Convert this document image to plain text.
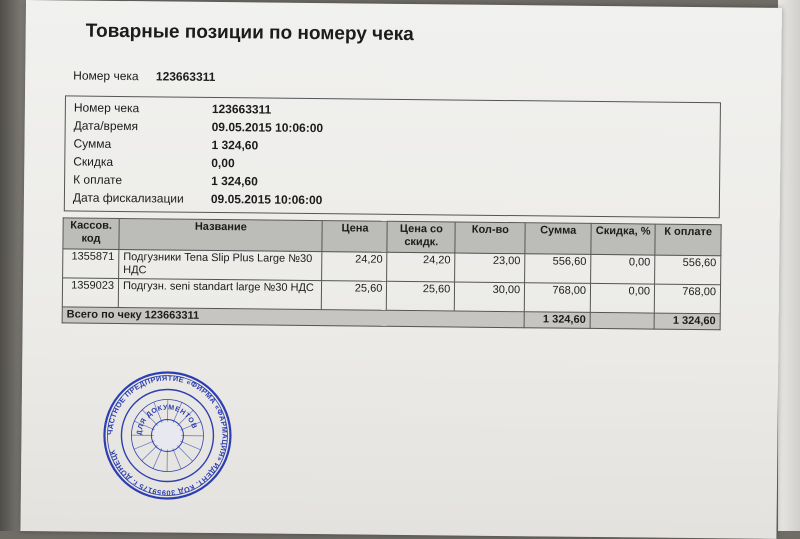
Товарные позиции по номеру чека
Номер чека 123663311
Номер чека	123663311
Дата/время	09.05.2015 10:06:00
Сумма	1 324,60
Скидка	0,00
К оплате	1 324,60
Дата фискализации 09.05.2015 10:06:00
Кассов. код	Название	Цена	Цена со скидк.	Кол-во	Сумма	Скидка, %	К оплате
1355871	Подгузники Tena Slip Plus Large №30 НДС	24,20	24,20	23,00	556,60	0,00	556,60
1359023	Подгузн. seni standart large №30 НДС	25,60	25,60	30,00	768,00	0,00	768,00
Всего по чеку 123663311					1 324,60		1 324,60
ЧАСТНОЕ ПРЕДПРИЯТИЕ «ФИРМА «ФАРМАЦИЯ» ИДЕНТ. КОД 30959175 г. ДОНЕЦК
ДЛЯ ДОКУМЕНТОВ
